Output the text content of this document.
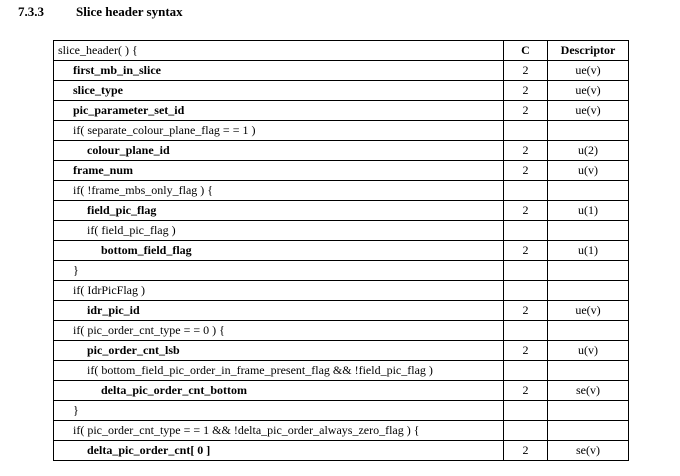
7.3.3 Slice header syntax
slice_header( ) {	C	Descriptor
first_mb_in_slice	2	ue(v)
slice_type	2	ue(v)
pic_parameter_set_id	2	ue(v)
if( separate_colour_plane_flag = = 1 )		
colour_plane_id	2	u(2)
frame_num	2	u(v)
if( !frame_mbs_only_flag ) {		
field_pic_flag	2	u(1)
if( field_pic_flag )		
bottom_field_flag	2	u(1)
}		
if( IdrPicFlag )		
idr_pic_id	2	ue(v)
if( pic_order_cnt_type = = 0 ) {		
pic_order_cnt_lsb	2	u(v)
if( bottom_field_pic_order_in_frame_present_flag && !field_pic_flag )		
delta_pic_order_cnt_bottom	2	se(v)
}		
if( pic_order_cnt_type = = 1 && !delta_pic_order_always_zero_flag ) {		
delta_pic_order_cnt[ 0 ]	2	se(v)
